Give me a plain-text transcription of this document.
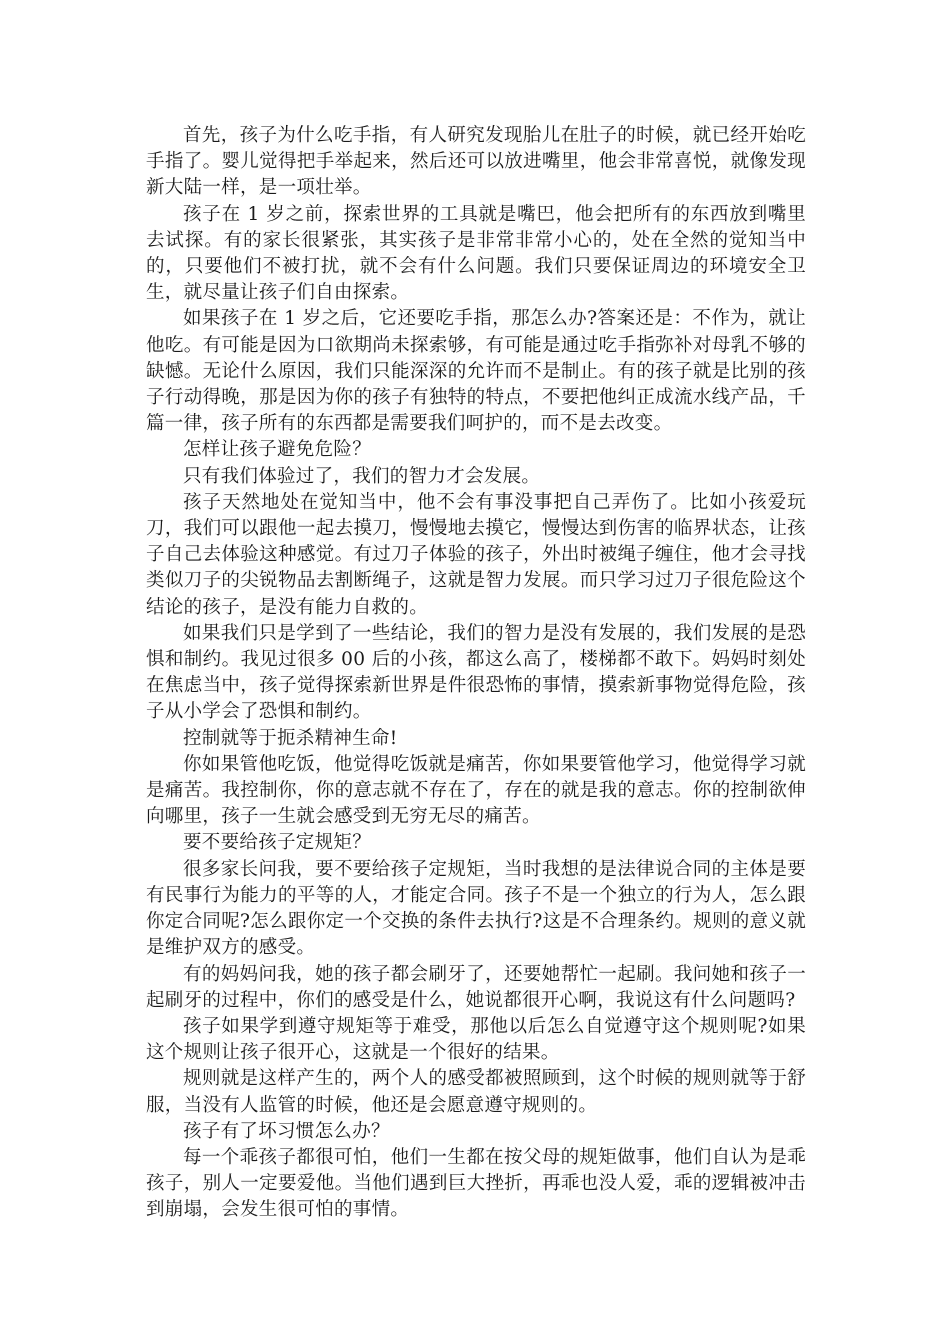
首先，孩子为什么吃手指，有人研究发现胎儿在肚子的时候，就已经开始吃手指了。婴儿觉得把手举起来，然后还可以放进嘴里，他会非常喜悦，就像发现新大陆一样，是一项壮举。

孩子在 1 岁之前，探索世界的工具就是嘴巴，他会把所有的东西放到嘴里去试探。有的家长很紧张，其实孩子是非常非常小心的，处在全然的觉知当中的，只要他们不被打扰，就不会有什么问题。我们只要保证周边的环境安全卫生，就尽量让孩子们自由探索。

如果孩子在 1 岁之后，它还要吃手指，那怎么办?答案还是：不作为，就让他吃。有可能是因为口欲期尚未探索够，有可能是通过吃手指弥补对母乳不够的缺憾。无论什么原因，我们只能深深的允许而不是制止。有的孩子就是比别的孩子行动得晚，那是因为你的孩子有独特的特点，不要把他纠正成流水线产品，千篇一律，孩子所有的东西都是需要我们呵护的，而不是去改变。

怎样让孩子避免危险？

只有我们体验过了，我们的智力才会发展。

孩子天然地处在觉知当中，他不会有事没事把自己弄伤了。比如小孩爱玩刀，我们可以跟他一起去摸刀，慢慢地去摸它，慢慢达到伤害的临界状态，让孩子自己去体验这种感觉。有过刀子体验的孩子，外出时被绳子缠住，他才会寻找类似刀子的尖锐物品去割断绳子，这就是智力发展。而只学习过刀子很危险这个结论的孩子，是没有能力自救的。

如果我们只是学到了一些结论，我们的智力是没有发展的，我们发展的是恐惧和制约。我见过很多 00 后的小孩，都这么高了，楼梯都不敢下。妈妈时刻处在焦虑当中，孩子觉得探索新世界是件很恐怖的事情，摸索新事物觉得危险，孩子从小学会了恐惧和制约。

控制就等于扼杀精神生命!

你如果管他吃饭，他觉得吃饭就是痛苦，你如果要管他学习，他觉得学习就是痛苦。我控制你，你的意志就不存在了，存在的就是我的意志。你的控制欲伸向哪里，孩子一生就会感受到无穷无尽的痛苦。

要不要给孩子定规矩？

很多家长问我，要不要给孩子定规矩，当时我想的是法律说合同的主体是要有民事行为能力的平等的人，才能定合同。孩子不是一个独立的行为人，怎么跟你定合同呢?怎么跟你定一个交换的条件去执行?这是不合理条约。规则的意义就是维护双方的感受。

有的妈妈问我，她的孩子都会刷牙了，还要她帮忙一起刷。我问她和孩子一起刷牙的过程中，你们的感受是什么，她说都很开心啊，我说这有什么问题吗?

孩子如果学到遵守规矩等于难受，那他以后怎么自觉遵守这个规则呢?如果这个规则让孩子很开心，这就是一个很好的结果。

规则就是这样产生的，两个人的感受都被照顾到，这个时候的规则就等于舒服，当没有人监管的时候，他还是会愿意遵守规则的。

孩子有了坏习惯怎么办？

每一个乖孩子都很可怕，他们一生都在按父母的规矩做事，他们自认为是乖孩子，别人一定要爱他。当他们遇到巨大挫折，再乖也没人爱，乖的逻辑被冲击到崩塌，会发生很可怕的事情。
